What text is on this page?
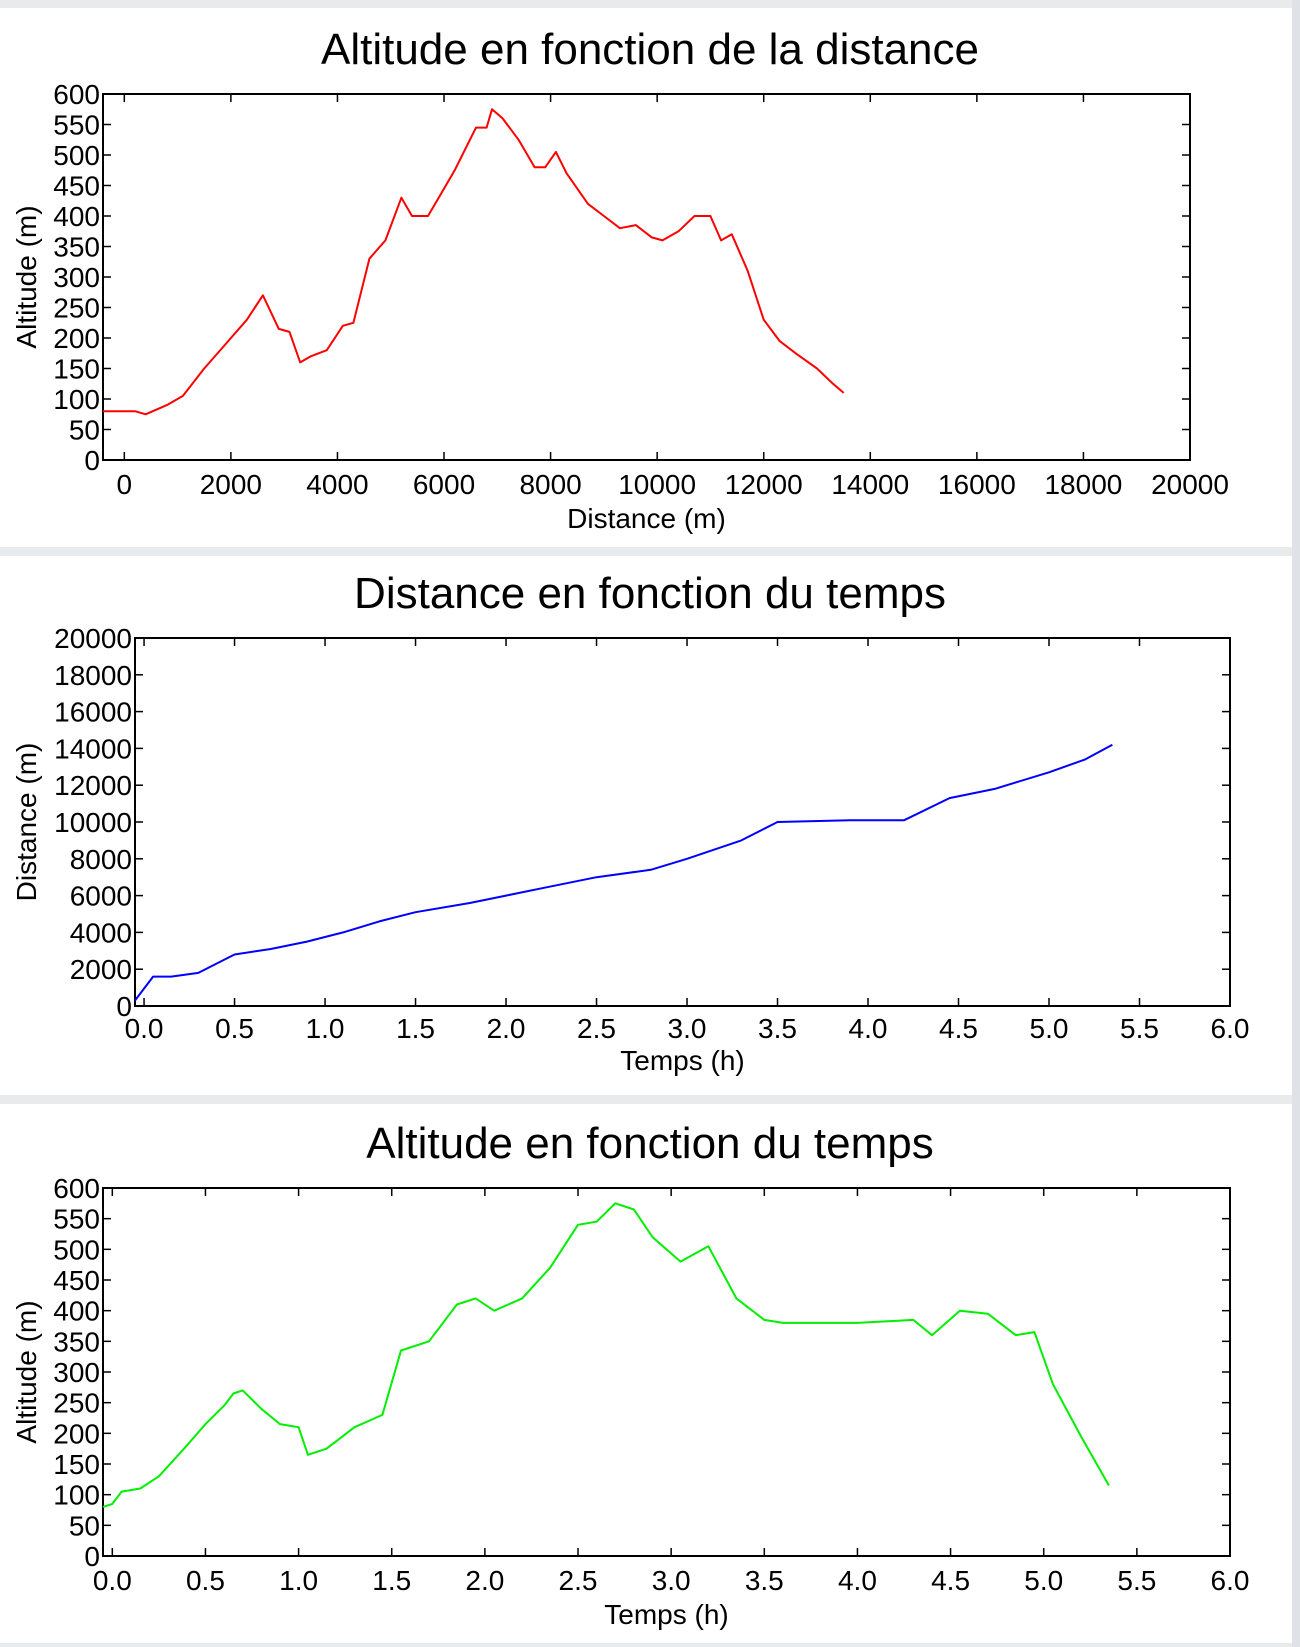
Altitude en fonction de la distance
0 2000 4000 6000 8000 10000 12000 14000 16000 18000 20000
0
50
100
150
200
250
300
350
400
450
500
550
600
Distance (m)
Altitude (m)
Distance en fonction du temps
0.0 0.5 1.0 1.5 2.0 2.5 3.0 3.5 4.0 4.5 5.0 5.5 6.0
0
2000
4000
6000
8000
10000
12000
14000
16000
18000
20000
Temps (h)
Distance (m)
Altitude en fonction du temps
0.0 0.5 1.0 1.5 2.0 2.5 3.0 3.5 4.0 4.5 5.0 5.5 6.0
0
50
100
150
200
250
300
350
400
450
500
550
600
Temps (h)
Altitude (m)
